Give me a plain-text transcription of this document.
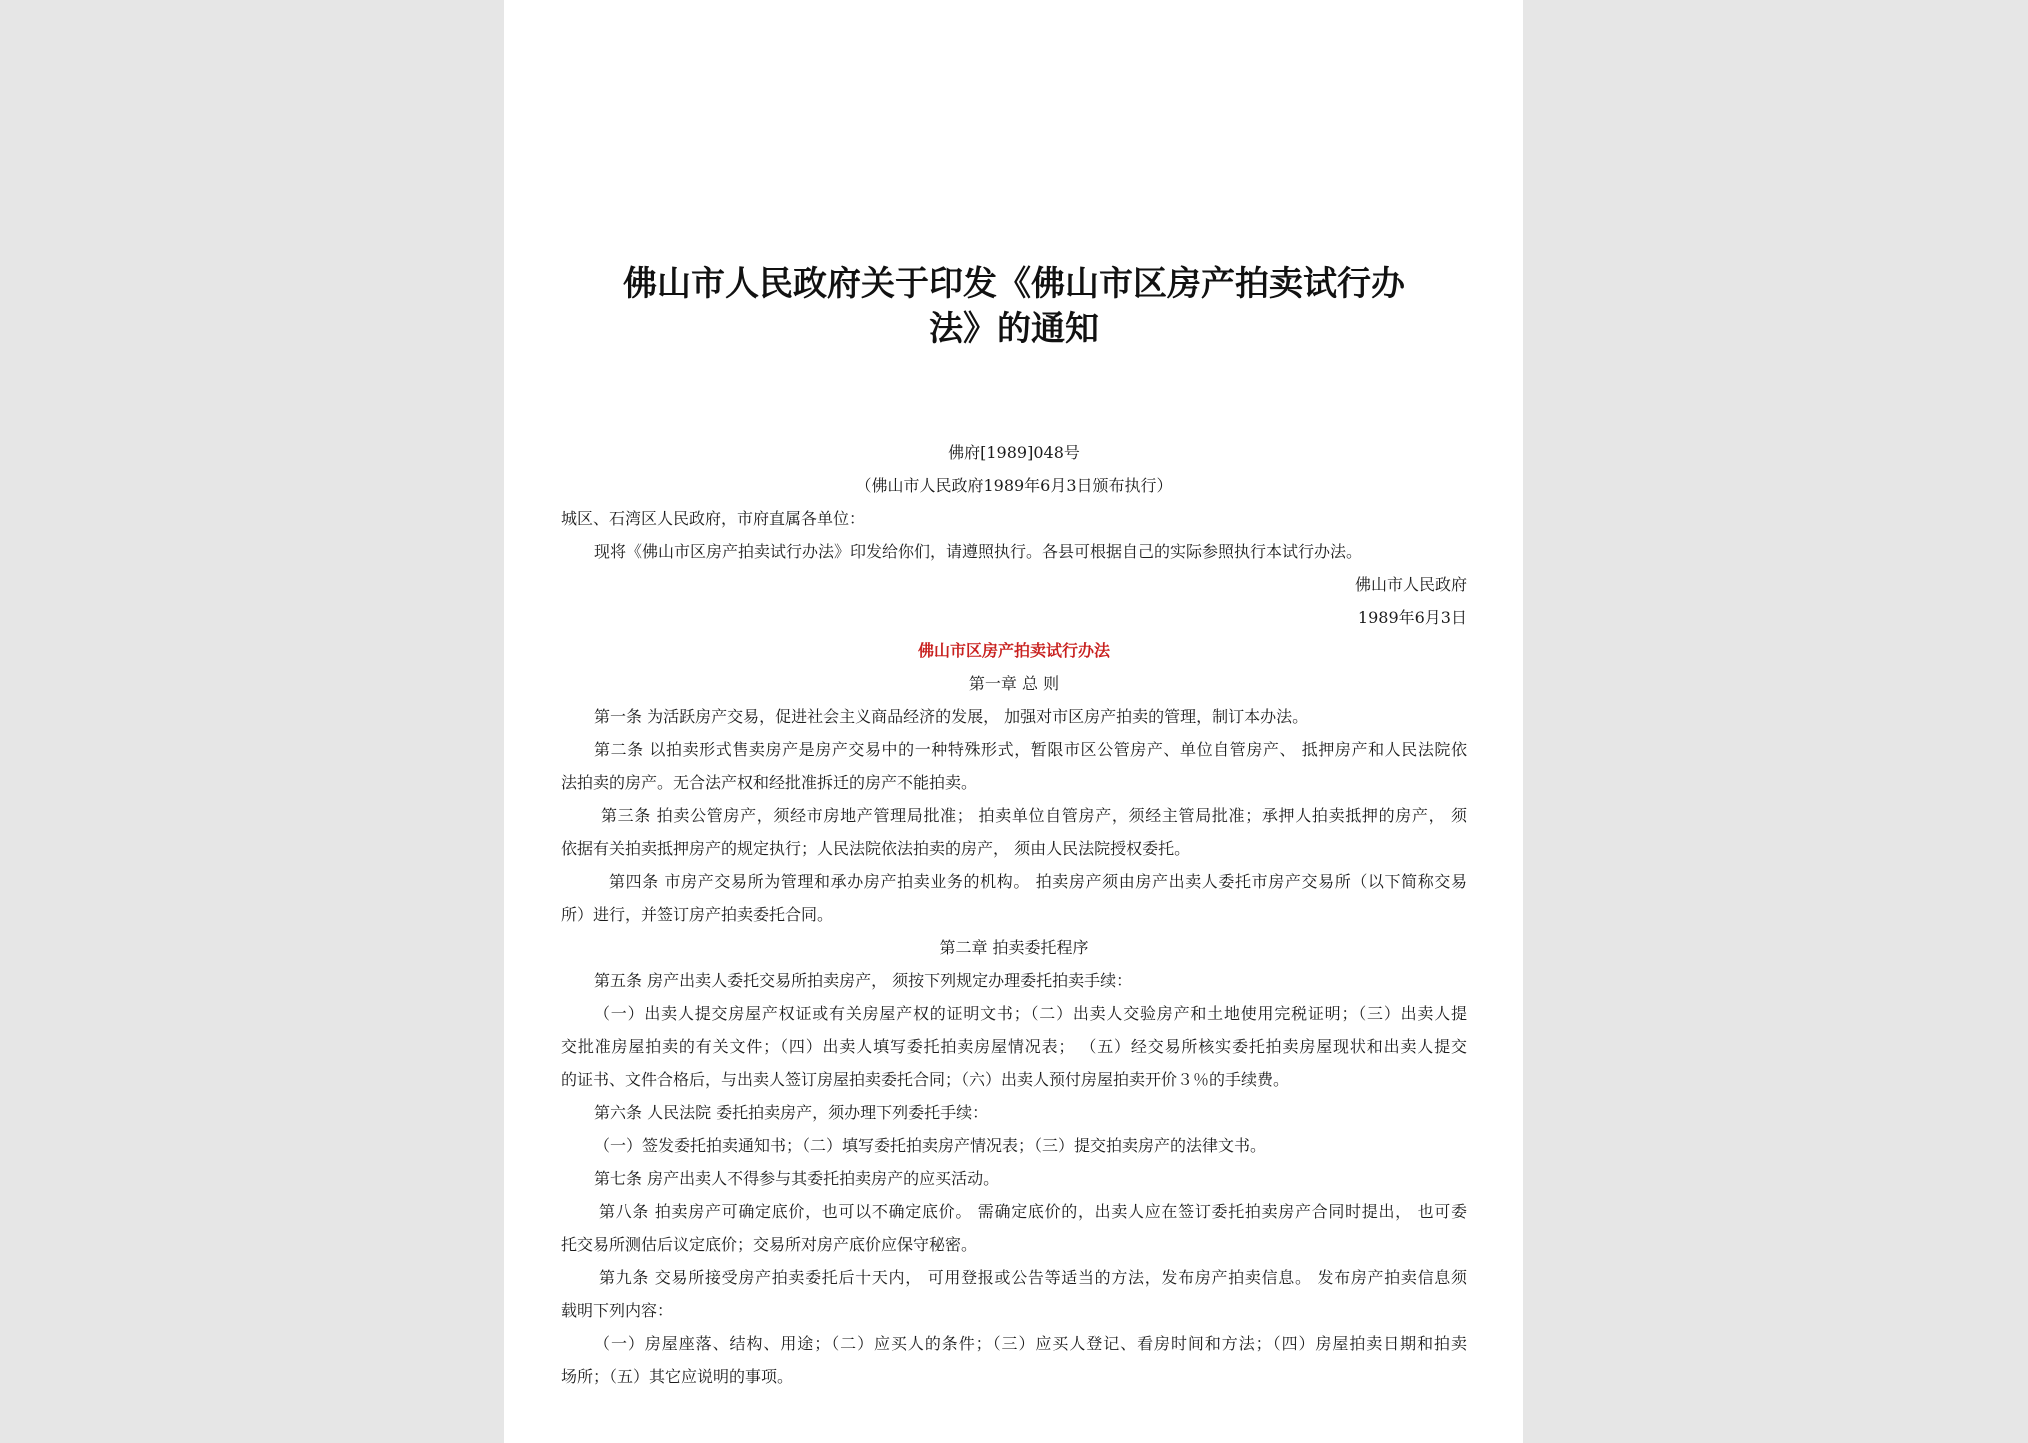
佛山市人民政府关于印发《佛山市区房产拍卖试行办
法》的通知
佛府[1989]048号
（佛山市人民政府1989年6月3日颁布执行）
城区、石湾区人民政府，市府直属各单位：
现将《佛山市区房产拍卖试行办法》印发给你们，请遵照执行。各县可根据自己的实际参照执行本试行办法。
佛山市人民政府
1989年6月3日
佛山市区房产拍卖试行办法
第一章 总 则
第一条 为活跃房产交易，促进社会主义商品经济的发展， 加强对市区房产拍卖的管理，制订本办法。
第二条 以拍卖形式售卖房产是房产交易中的一种特殊形式，暂限市区公管房产、单位自管房产、 抵押房产和人民法院依
法拍卖的房产。无合法产权和经批准拆迁的房产不能拍卖。
第三条 拍卖公管房产，须经市房地产管理局批准； 拍卖单位自管房产，须经主管局批准；承押人拍卖抵押的房产， 须
依据有关拍卖抵押房产的规定执行；人民法院依法拍卖的房产， 须由人民法院授权委托。
第四条 市房产交易所为管理和承办房产拍卖业务的机构。 拍卖房产须由房产出卖人委托市房产交易所（以下简称交易
所）进行，并签订房产拍卖委托合同。
第二章 拍卖委托程序
第五条 房产出卖人委托交易所拍卖房产， 须按下列规定办理委托拍卖手续：
（一）出卖人提交房屋产权证或有关房屋产权的证明文书；（二）出卖人交验房产和土地使用完税证明；（三）出卖人提
交批准房屋拍卖的有关文件；（四）出卖人填写委托拍卖房屋情况表； （五）经交易所核实委托拍卖房屋现状和出卖人提交
的证书、文件合格后，与出卖人签订房屋拍卖委托合同；（六）出卖人预付房屋拍卖开价３％的手续费。
第六条 人民法院 委托拍卖房产，须办理下列委托手续：
（一）签发委托拍卖通知书；（二）填写委托拍卖房产情况表；（三）提交拍卖房产的法律文书。
第七条 房产出卖人不得参与其委托拍卖房产的应买活动。
第八条 拍卖房产可确定底价，也可以不确定底价。 需确定底价的，出卖人应在签订委托拍卖房产合同时提出， 也可委
托交易所测估后议定底价；交易所对房产底价应保守秘密。
第九条 交易所接受房产拍卖委托后十天内， 可用登报或公告等适当的方法，发布房产拍卖信息。 发布房产拍卖信息须
载明下列内容：
（一）房屋座落、结构、用途；（二）应买人的条件；（三）应买人登记、看房时间和方法；（四）房屋拍卖日期和拍卖
场所；（五）其它应说明的事项。
